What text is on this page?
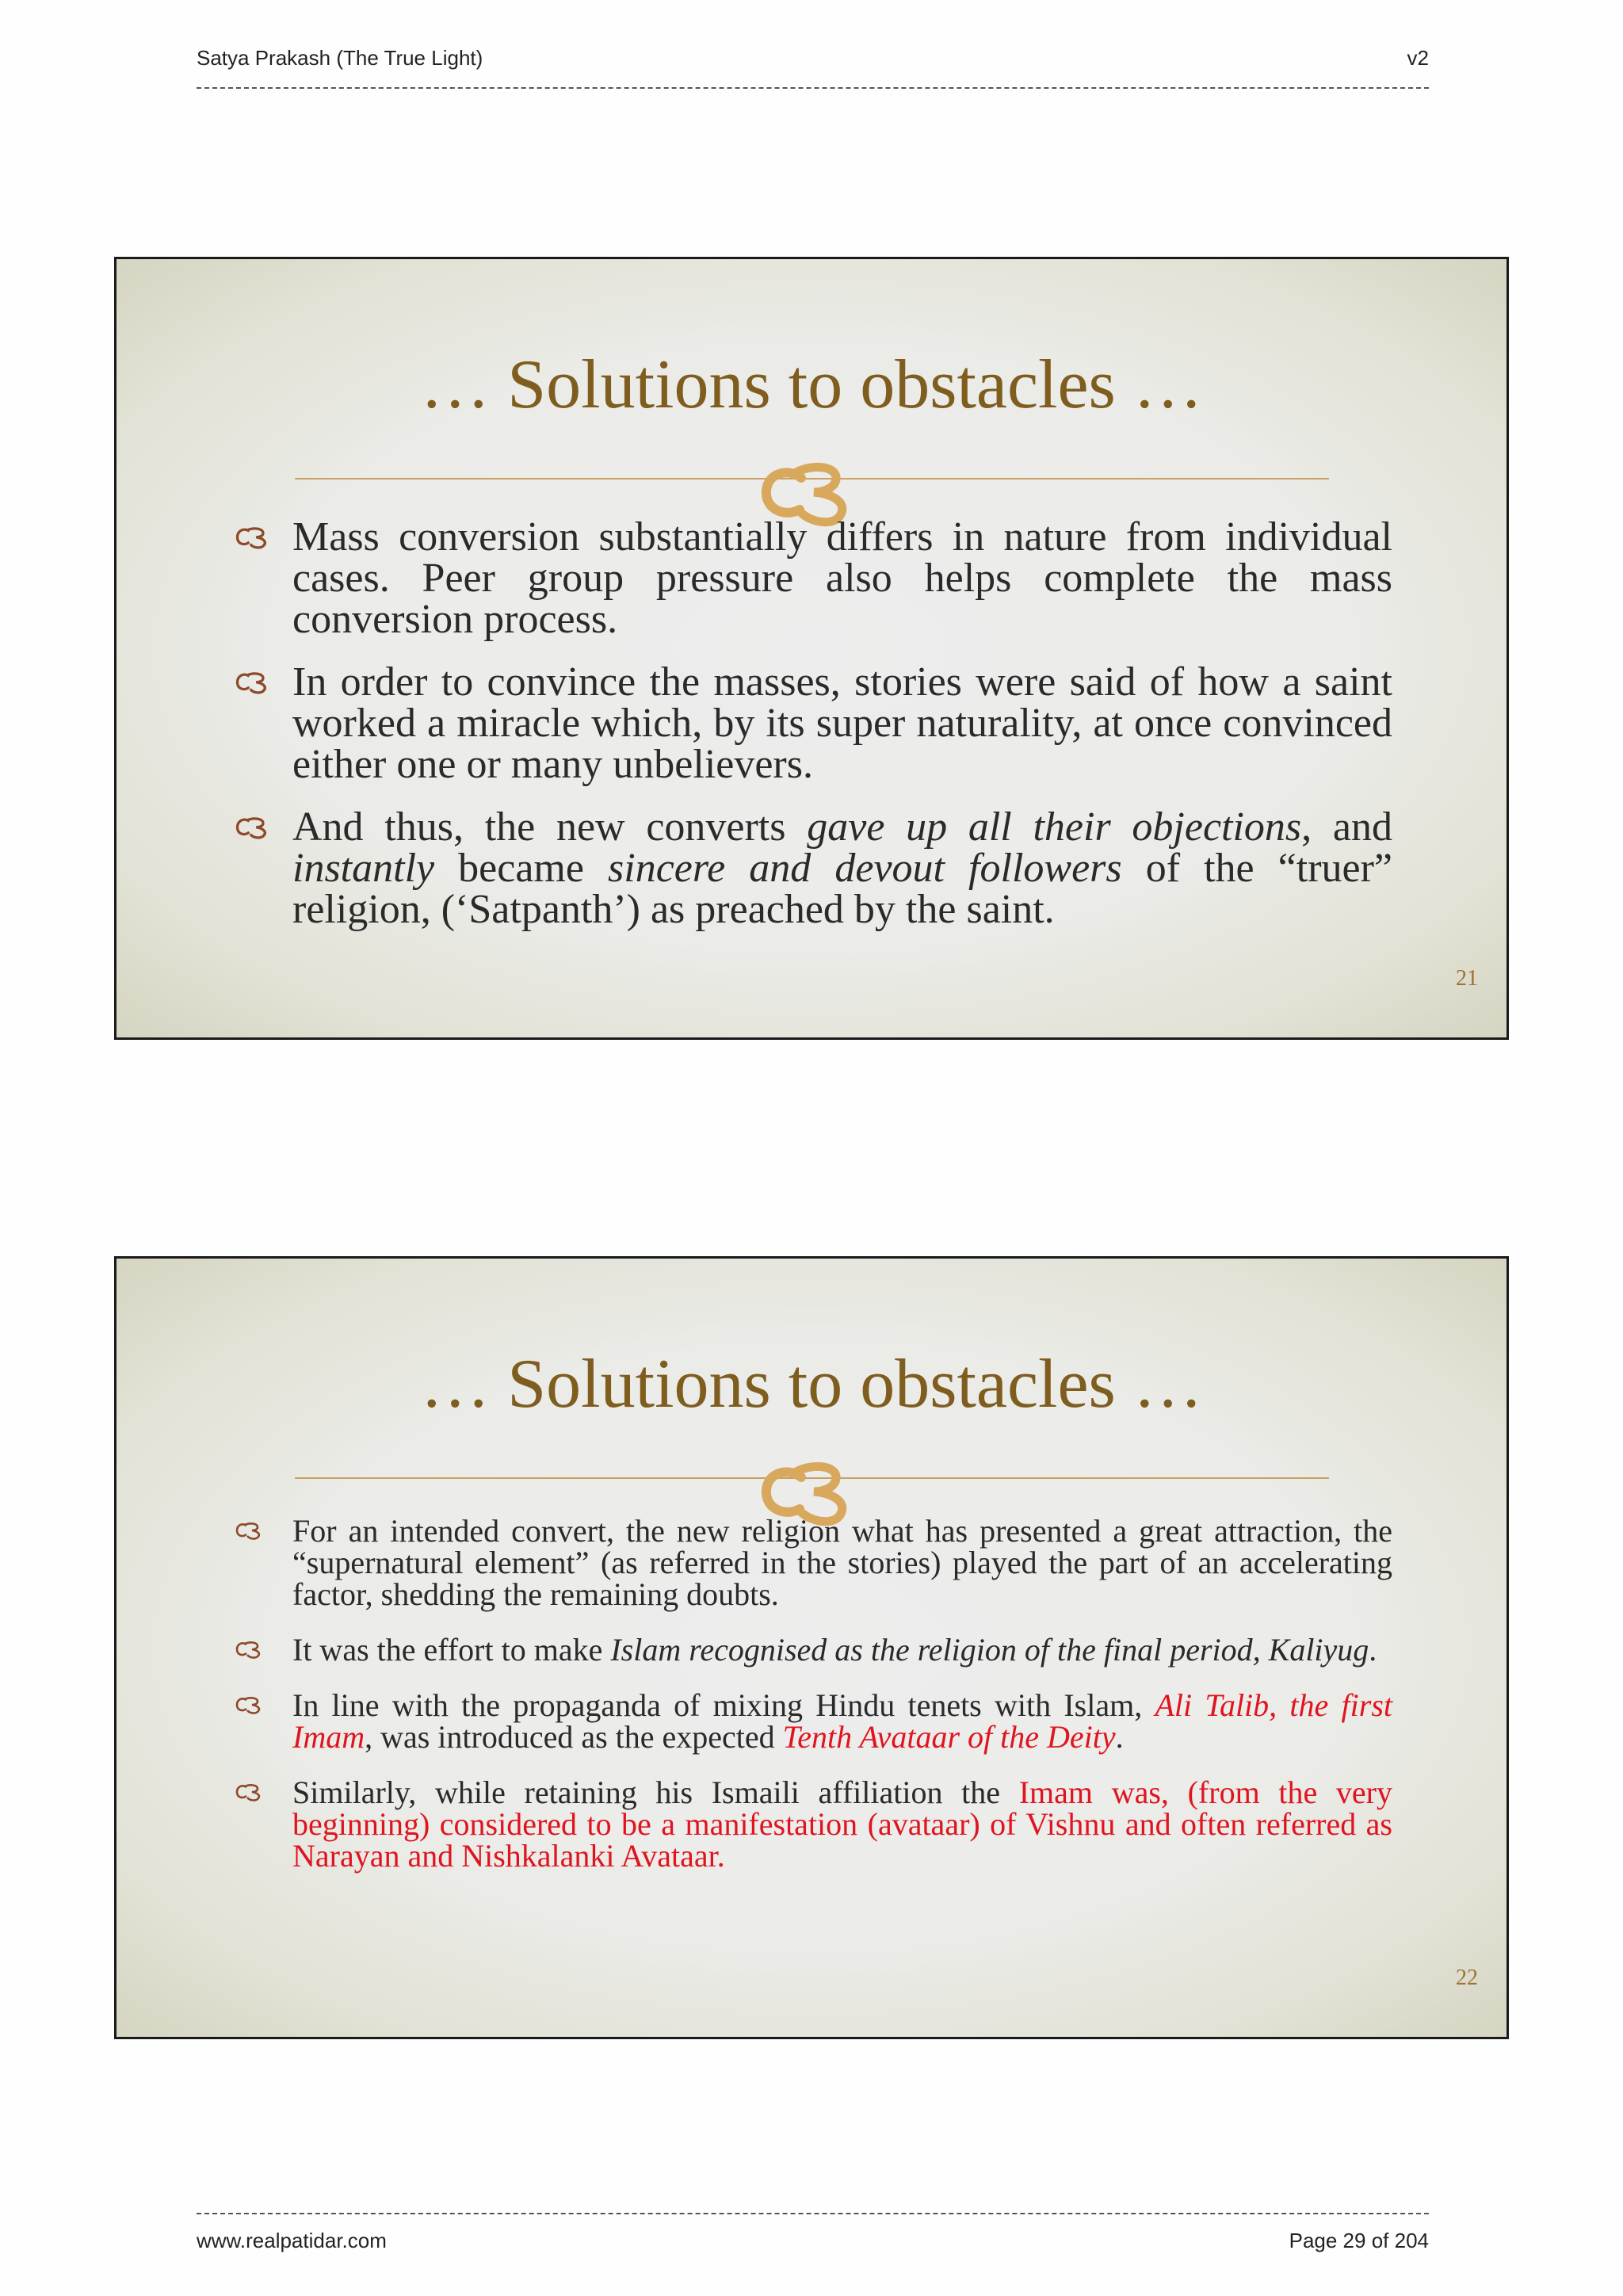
Satya Prakash (The True Light)	v2
… Solutions to obstacles …
Mass conversion substantially differs in nature from individual cases. Peer group pressure also helps complete the mass conversion process.
In order to convince the masses, stories were said of how a saint worked a miracle which, by its super naturality, at once convinced either one or many unbelievers.
And thus, the new converts gave up all their objections, and instantly became sincere and devout followers of the “truer” religion, (‘Satpanth’) as preached by the saint.
21
… Solutions to obstacles …
For an intended convert, the new religion what has presented a great attraction, the “supernatural element” (as referred in the stories) played the part of an accelerating factor, shedding the remaining doubts.
It was the effort to make Islam recognised as the religion of the final period, Kaliyug.
In line with the propaganda of mixing Hindu tenets with Islam, Ali Talib, the first Imam, was introduced as the expected Tenth Avataar of the Deity.
Similarly, while retaining his Ismaili affiliation the Imam was, (from the very beginning) considered to be a manifestation (avataar) of Vishnu and often referred as Narayan and Nishkalanki Avataar.
22
www.realpatidar.com	Page 29 of 204
